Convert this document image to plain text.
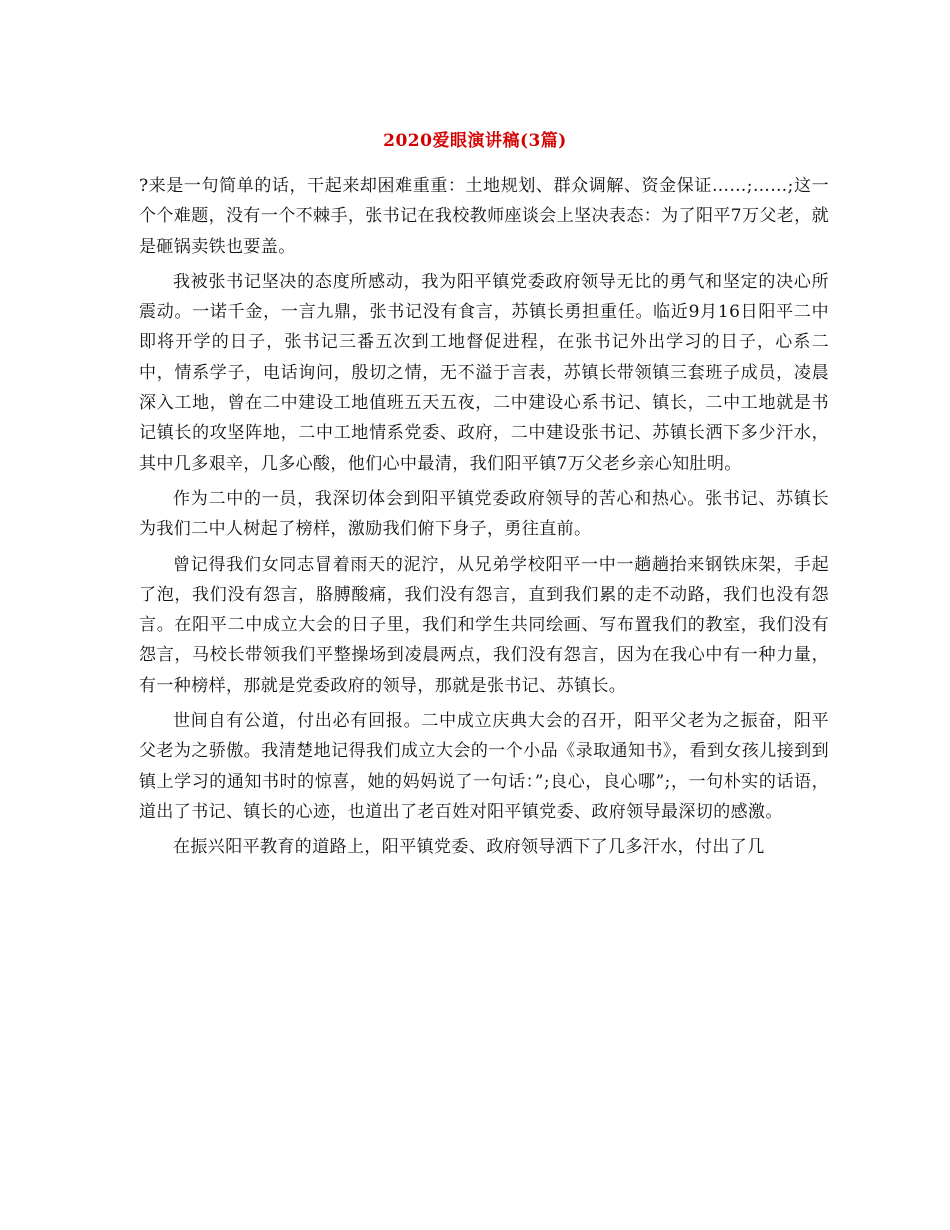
2020爱眼演讲稿(3篇)

?来是一句简单的话，干起来却困难重重：土地规划、群众调解、资金保证……;……;这一个个难题，没有一个不棘手，张书记在我校教师座谈会上坚决表态：为了阳平7万父老，就是砸锅卖铁也要盖。

我被张书记坚决的态度所感动，我为阳平镇党委政府领导无比的勇气和坚定的决心所震动。一诺千金，一言九鼎，张书记没有食言，苏镇长勇担重任。临近9月16日阳平二中即将开学的日子，张书记三番五次到工地督促进程，在张书记外出学习的日子，心系二中，情系学子，电话询问，殷切之情，无不溢于言表，苏镇长带领镇三套班子成员，凌晨深入工地，曾在二中建设工地值班五天五夜，二中建设心系书记、镇长，二中工地就是书记镇长的攻坚阵地，二中工地情系党委、政府，二中建设张书记、苏镇长洒下多少汗水，其中几多艰辛，几多心酸，他们心中最清，我们阳平镇7万父老乡亲心知肚明。

作为二中的一员，我深切体会到阳平镇党委政府领导的苦心和热心。张书记、苏镇长为我们二中人树起了榜样，激励我们俯下身子，勇往直前。

曾记得我们女同志冒着雨天的泥泞，从兄弟学校阳平一中一趟趟抬来钢铁床架，手起了泡，我们没有怨言，胳膊酸痛，我们没有怨言，直到我们累的走不动路，我们也没有怨言。在阳平二中成立大会的日子里，我们和学生共同绘画、写布置我们的教室，我们没有怨言，马校长带领我们平整操场到凌晨两点，我们没有怨言，因为在我心中有一种力量，有一种榜样，那就是党委政府的领导，那就是张书记、苏镇长。

世间自有公道，付出必有回报。二中成立庆典大会的召开，阳平父老为之振奋，阳平父老为之骄傲。我清楚地记得我们成立大会的一个小品《录取通知书》，看到女孩儿接到到镇上学习的通知书时的惊喜，她的妈妈说了一句话：”;良心，良心哪”;，一句朴实的话语，道出了书记、镇长的心迹，也道出了老百姓对阳平镇党委、政府领导最深切的感激。

在振兴阳平教育的道路上，阳平镇党委、政府领导洒下了几多汗水，付出了几
